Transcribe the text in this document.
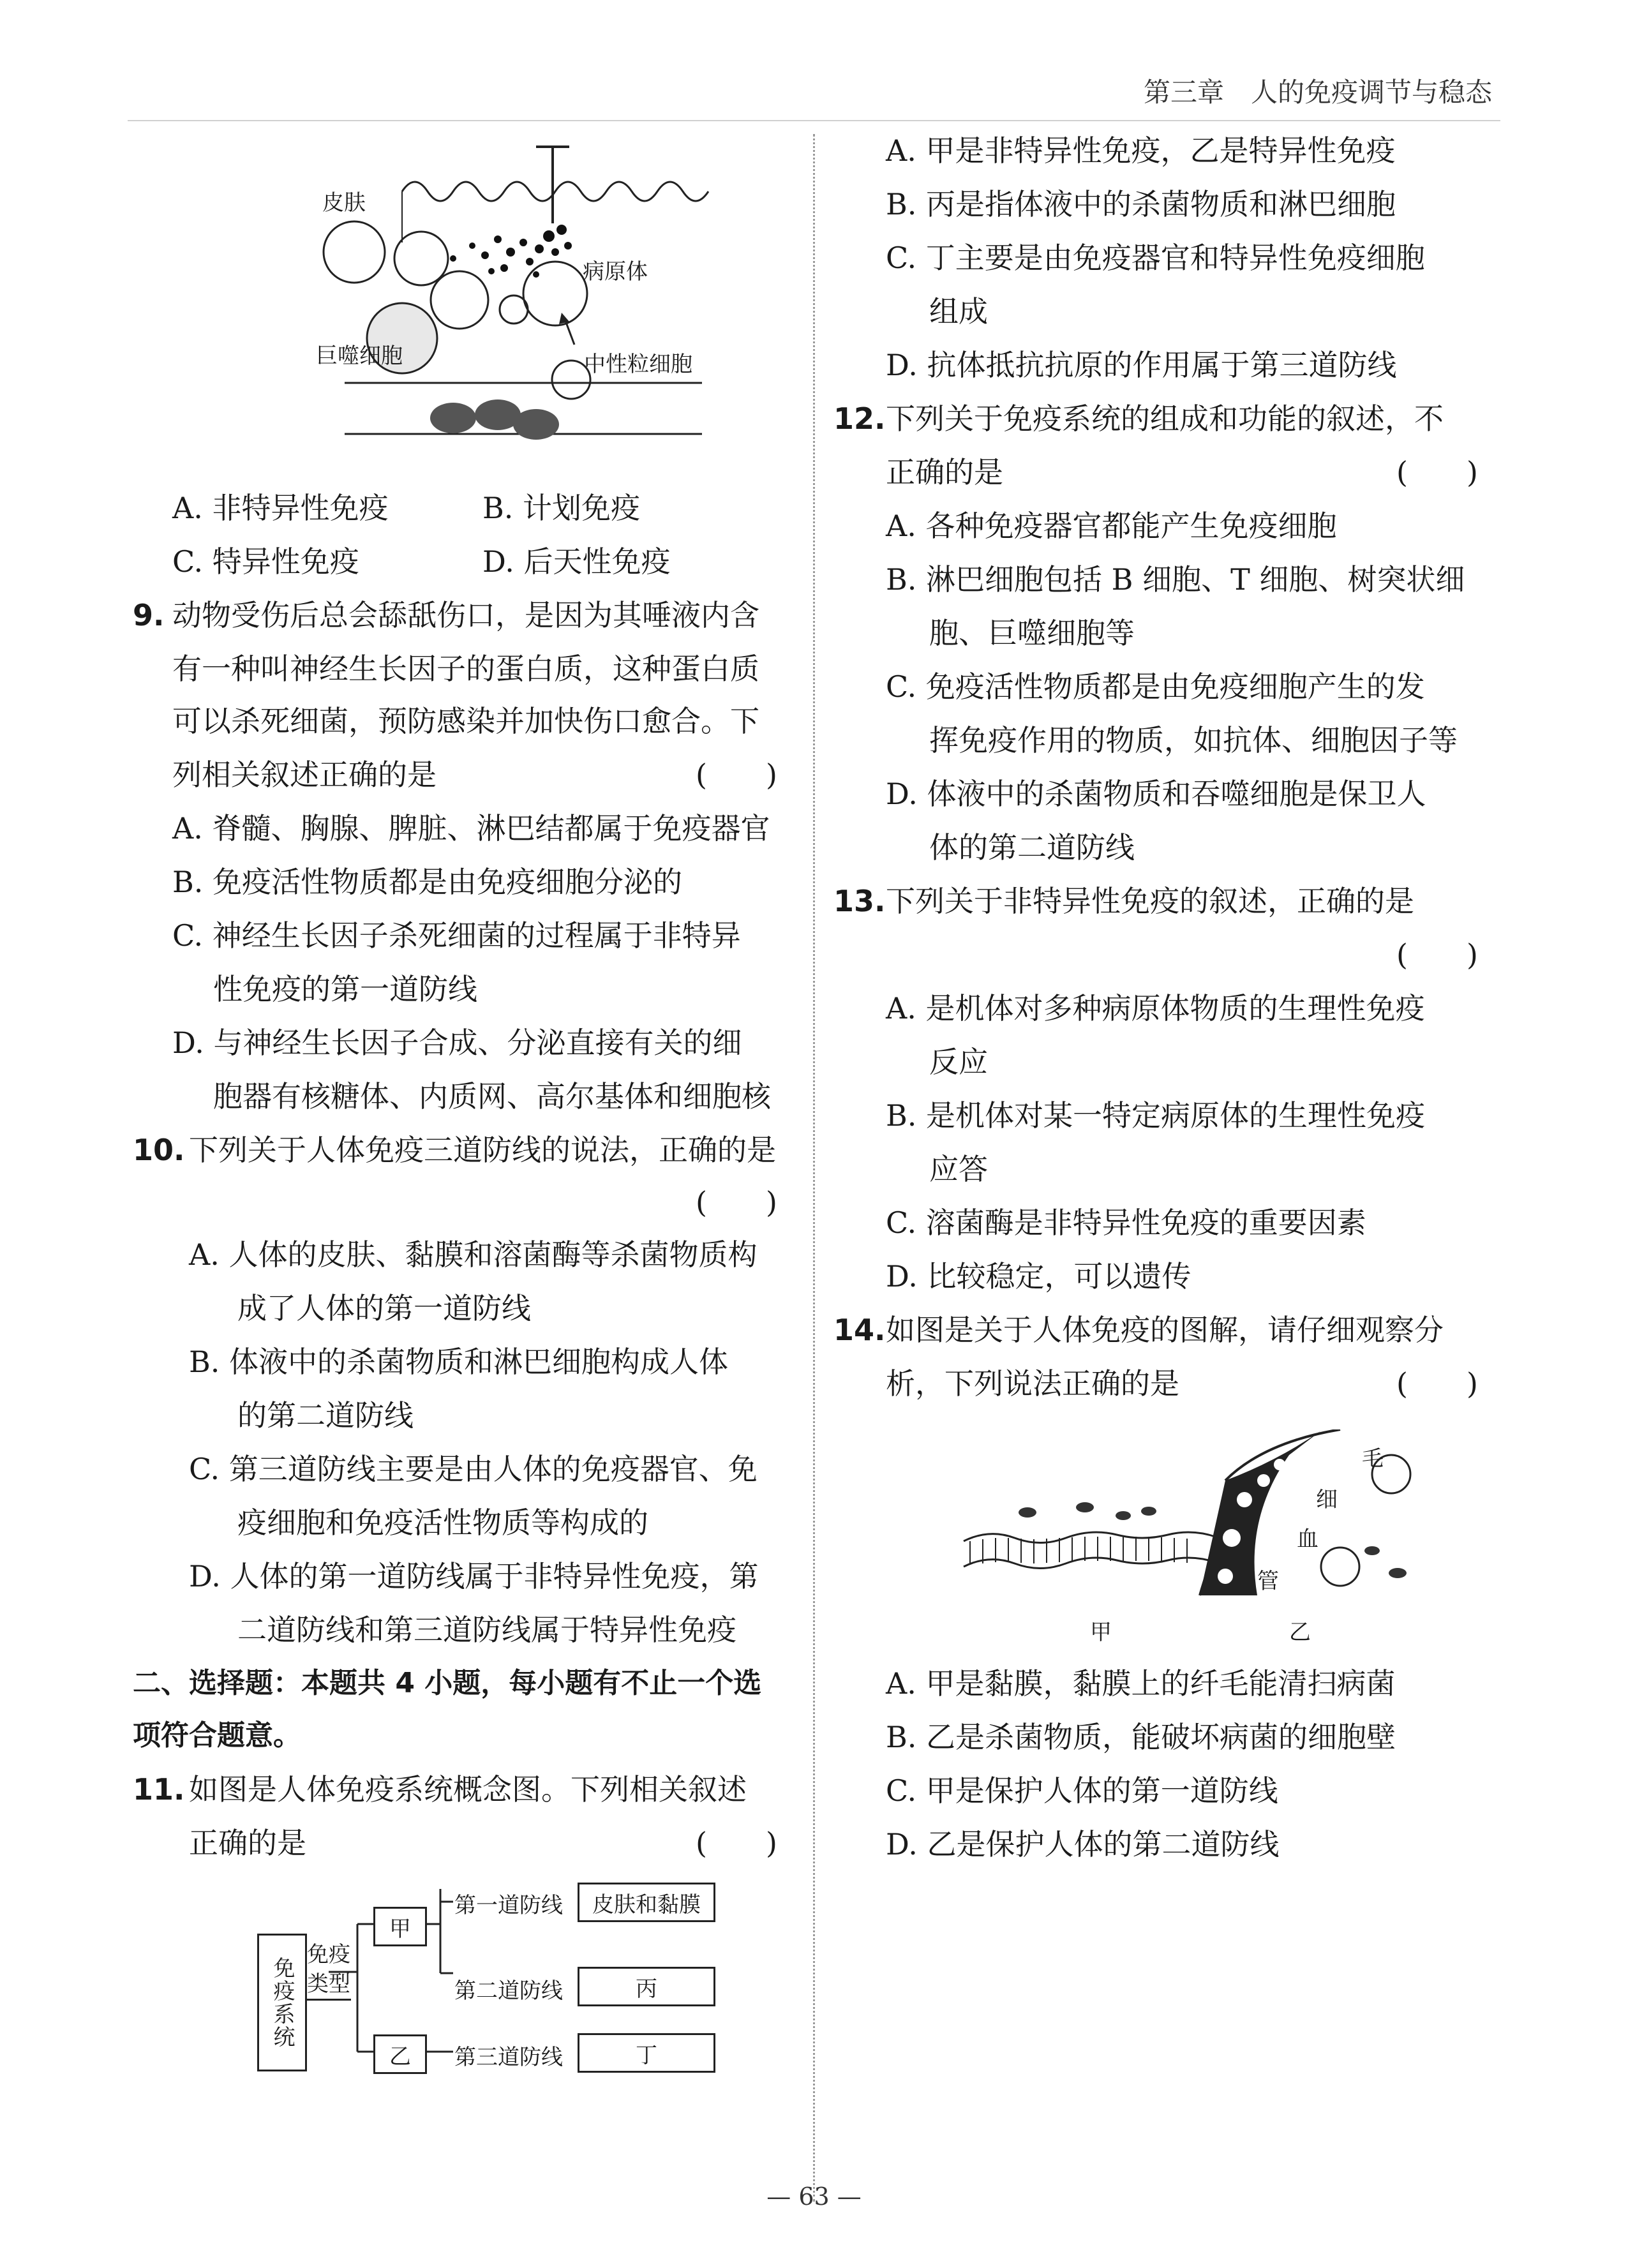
第三章　人的免疫调节与稳态
皮肤
病原体
巨噬细胞	中性粒细胞
A. 非特异性免疫	B. 计划免疫
C. 特异性免疫	D. 后天性免疫
9. 动物受伤后总会舔舐伤口，是因为其唾液内含
有一种叫神经生长因子的蛋白质，这种蛋白质
可以杀死细菌，预防感染并加快伤口愈合。下
列相关叙述正确的是	(　　)
A. 脊髓、胸腺、脾脏、淋巴结都属于免疫器官
B. 免疫活性物质都是由免疫细胞分泌的
C. 神经生长因子杀死细菌的过程属于非特异
性免疫的第一道防线
D. 与神经生长因子合成、分泌直接有关的细
胞器有核糖体、内质网、高尔基体和细胞核
10. 下列关于人体免疫三道防线的说法，正确的是
(　　)
A. 人体的皮肤、黏膜和溶菌酶等杀菌物质构
成了人体的第一道防线
B. 体液中的杀菌物质和淋巴细胞构成人体
的第二道防线
C. 第三道防线主要是由人体的免疫器官、免
疫细胞和免疫活性物质等构成的
D. 人体的第一道防线属于非特异性免疫，第
二道防线和第三道防线属于特异性免疫
二、选择题：本题共 4 小题，每小题有不止一个选
项符合题意。
11. 如图是人体免疫系统概念图。下列相关叙述
正确的是	(　　)
免疫系统
免疫类型
甲
乙
第一道防线
第二道防线
第三道防线
皮肤和黏膜
丙
丁
A. 甲是非特异性免疫，乙是特异性免疫
B. 丙是指体液中的杀菌物质和淋巴细胞
C. 丁主要是由免疫器官和特异性免疫细胞
组成
D. 抗体抵抗抗原的作用属于第三道防线
12. 下列关于免疫系统的组成和功能的叙述，不
正确的是	(　　)
A. 各种免疫器官都能产生免疫细胞
B. 淋巴细胞包括 B 细胞、T 细胞、树突状细
胞、巨噬细胞等
C. 免疫活性物质都是由免疫细胞产生的发
挥免疫作用的物质，如抗体、细胞因子等
D. 体液中的杀菌物质和吞噬细胞是保卫人
体的第二道防线
13. 下列关于非特异性免疫的叙述，正确的是
(　　)
A. 是机体对多种病原体物质的生理性免疫
反应
B. 是机体对某一特定病原体的生理性免疫
应答
C. 溶菌酶是非特异性免疫的重要因素
D. 比较稳定，可以遗传
14. 如图是关于人体免疫的图解，请仔细观察分
析，下列说法正确的是	(　　)
毛
细
血
管
甲	乙
A. 甲是黏膜，黏膜上的纤毛能清扫病菌
B. 乙是杀菌物质，能破坏病菌的细胞壁
C. 甲是保护人体的第一道防线
D. 乙是保护人体的第二道防线
— 63 —
